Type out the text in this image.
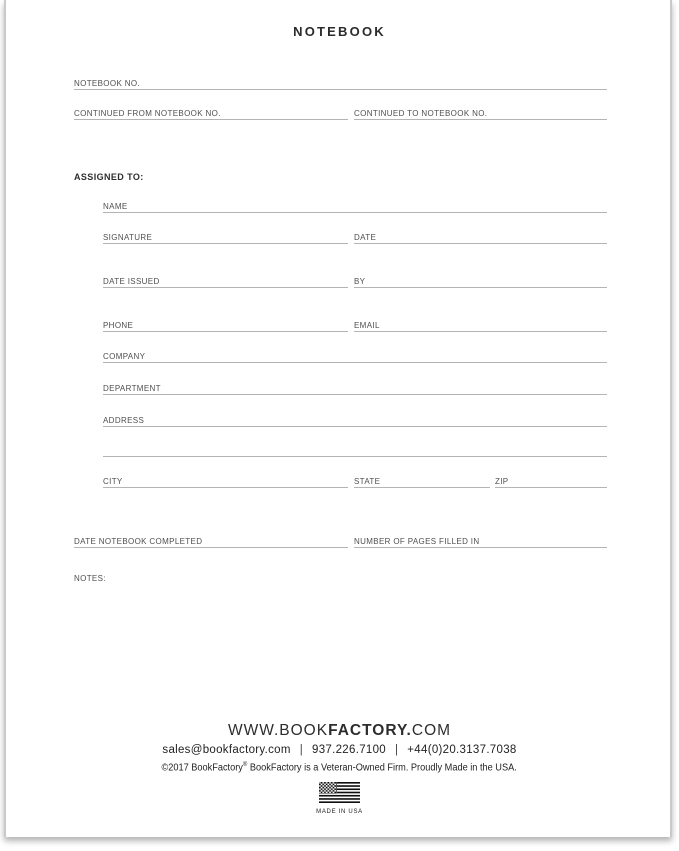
NOTEBOOK
NOTEBOOK NO.
CONTINUED FROM NOTEBOOK NO.	CONTINUED TO NOTEBOOK NO.
ASSIGNED TO:
NAME
SIGNATURE	DATE
DATE ISSUED	BY
PHONE	EMAIL
COMPANY
DEPARTMENT
ADDRESS
CITY	STATE	ZIP
DATE NOTEBOOK COMPLETED	NUMBER OF PAGES FILLED IN
NOTES:
WWW.BOOKFACTORY.COM
sales@bookfactory.com | 937.226.7100 | +44(0)20.3137.7038
©2017 BookFactory® BookFactory is a Veteran-Owned Firm. Proudly Made in the USA.
MADE IN USA
